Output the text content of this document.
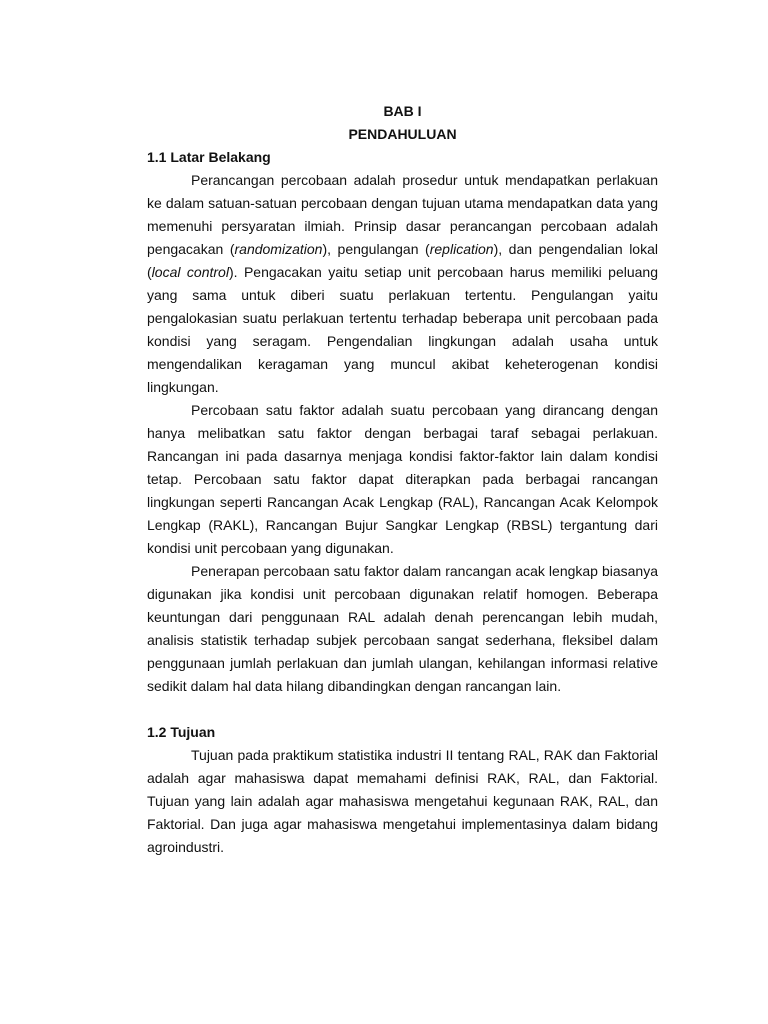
BAB I

PENDAHULUAN

1.1 Latar Belakang

Perancangan percobaan adalah prosedur untuk mendapatkan perlakuan ke dalam satuan-satuan percobaan dengan tujuan utama mendapatkan data yang memenuhi persyaratan ilmiah. Prinsip dasar perancangan percobaan adalah pengacakan (randomization), pengulangan (replication), dan pengendalian lokal (local control). Pengacakan yaitu setiap unit percobaan harus memiliki peluang yang sama untuk diberi suatu perlakuan tertentu. Pengulangan yaitu pengalokasian suatu perlakuan tertentu terhadap beberapa unit percobaan pada kondisi yang seragam. Pengendalian lingkungan adalah usaha untuk mengendalikan keragaman yang muncul akibat keheterogenan kondisi lingkungan.

Percobaan satu faktor adalah suatu percobaan yang dirancang dengan hanya melibatkan satu faktor dengan berbagai taraf sebagai perlakuan. Rancangan ini pada dasarnya menjaga kondisi faktor-faktor lain dalam kondisi tetap. Percobaan satu faktor dapat diterapkan pada berbagai rancangan lingkungan seperti Rancangan Acak Lengkap (RAL), Rancangan Acak Kelompok Lengkap (RAKL), Rancangan Bujur Sangkar Lengkap (RBSL) tergantung dari kondisi unit percobaan yang digunakan.

Penerapan percobaan satu faktor dalam rancangan acak lengkap biasanya digunakan jika kondisi unit percobaan digunakan relatif homogen. Beberapa keuntungan dari penggunaan RAL adalah denah perencangan lebih mudah, analisis statistik terhadap subjek percobaan sangat sederhana, fleksibel dalam penggunaan jumlah perlakuan dan jumlah ulangan, kehilangan informasi relative sedikit dalam hal data hilang dibandingkan dengan rancangan lain.

1.2 Tujuan

Tujuan pada praktikum statistika industri II tentang RAL, RAK dan Faktorial adalah agar mahasiswa dapat memahami definisi RAK, RAL, dan Faktorial. Tujuan yang lain adalah agar mahasiswa mengetahui kegunaan RAK, RAL, dan Faktorial. Dan juga agar mahasiswa mengetahui implementasinya dalam bidang agroindustri.
